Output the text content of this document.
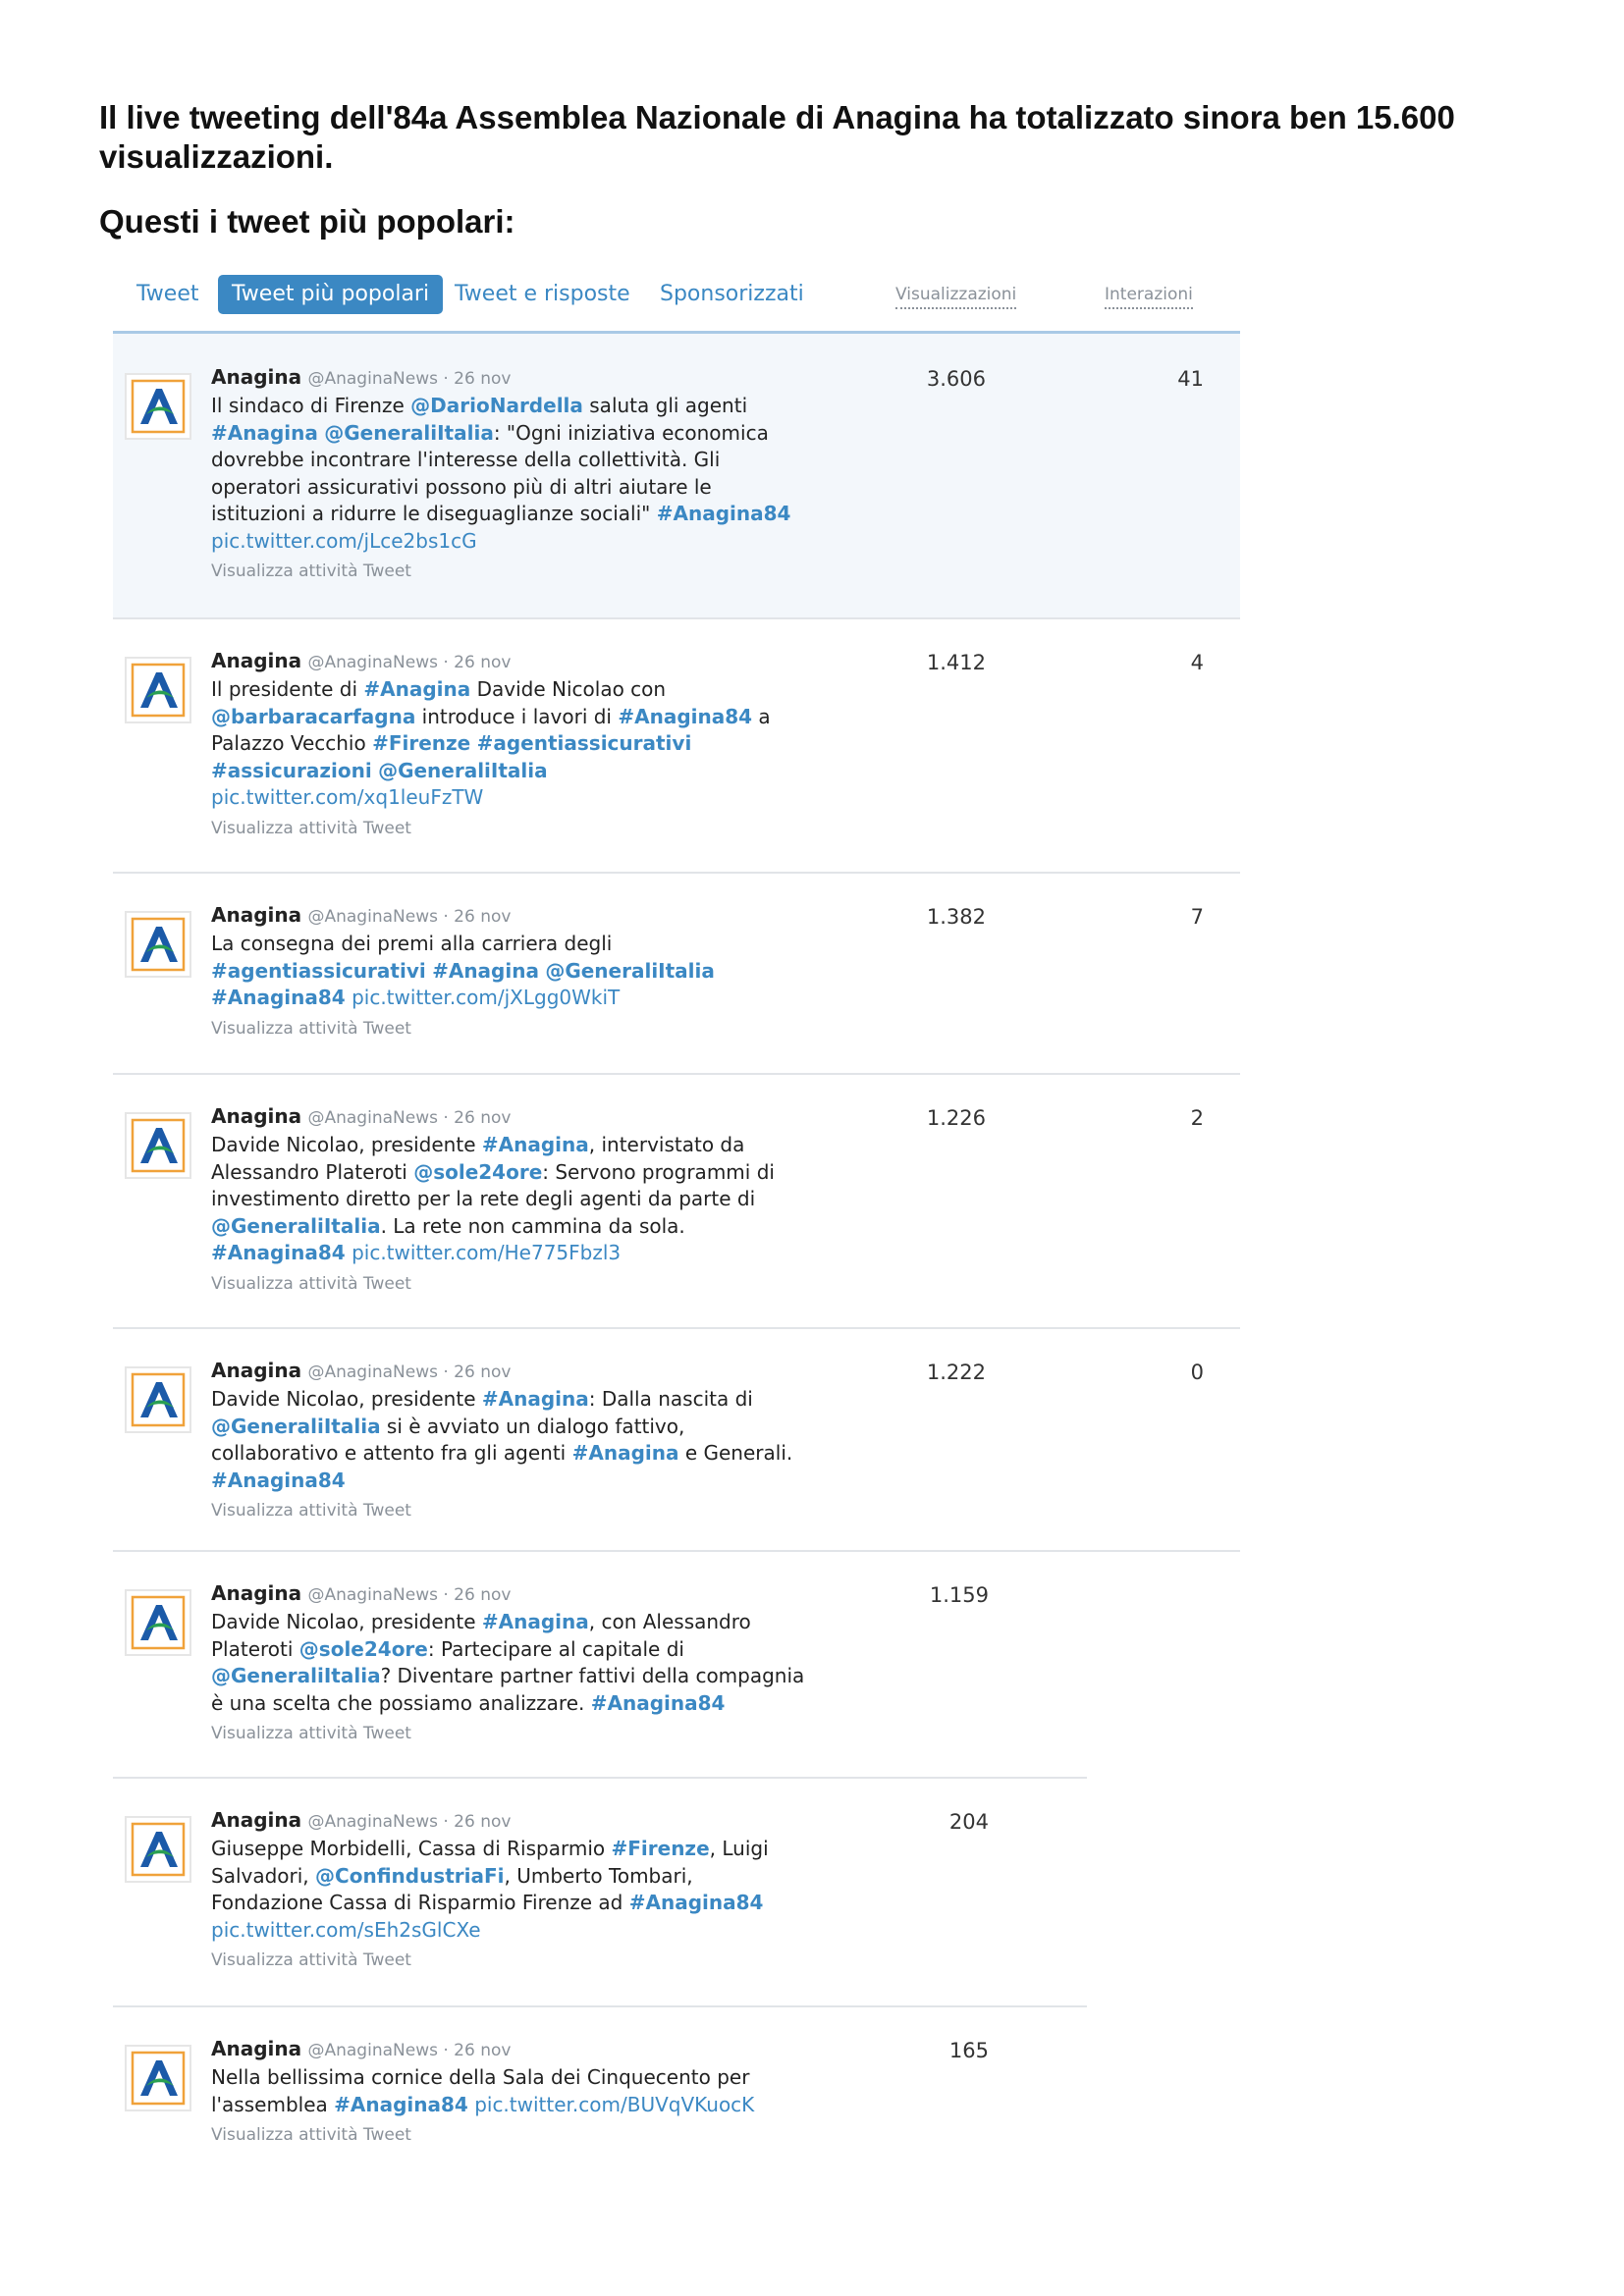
Il live tweeting dell'84a Assemblea Nazionale di Anagina ha totalizzato sinora ben 15.600
visualizzazioni.
Questi i tweet più popolari:
Tweet	Tweet più popolari	Tweet e risposte Sponsorizzati	Visualizzazioni	Interazioni
Anagina @AnaginaNews · 26 nov
Il sindaco di Firenze @DarioNardella saluta gli agenti
#Anagina @GeneraliItalia: "Ogni iniziativa economica
dovrebbe incontrare l'interesse della collettività. Gli
operatori assicurativi possono più di altri aiutare le
istituzioni a ridurre le diseguaglianze sociali" #Anagina84
pic.twitter.com/jLce2bs1cG
Visualizza attività Tweet
3.606	41
Anagina @AnaginaNews · 26 nov
Il presidente di #Anagina Davide Nicolao con
@barbaracarfagna introduce i lavori di #Anagina84 a
Palazzo Vecchio #Firenze #agentiassicurativi
#assicurazioni @GeneraliItalia
pic.twitter.com/xq1leuFzTW
Visualizza attività Tweet
1.412	4
Anagina @AnaginaNews · 26 nov
La consegna dei premi alla carriera degli
#agentiassicurativi #Anagina @GeneraliItalia
#Anagina84 pic.twitter.com/jXLgg0WkiT
Visualizza attività Tweet
1.382	7
Anagina @AnaginaNews · 26 nov
Davide Nicolao, presidente #Anagina, intervistato da
Alessandro Plateroti @sole24ore: Servono programmi di
investimento diretto per la rete degli agenti da parte di
@GeneraliItalia. La rete non cammina da sola.
#Anagina84 pic.twitter.com/He775Fbzl3
Visualizza attività Tweet
1.226	2
Anagina @AnaginaNews · 26 nov
Davide Nicolao, presidente #Anagina: Dalla nascita di
@GeneraliItalia si è avviato un dialogo fattivo,
collaborativo e attento fra gli agenti #Anagina e Generali.
#Anagina84
Visualizza attività Tweet
1.222	0
Anagina @AnaginaNews · 26 nov
Davide Nicolao, presidente #Anagina, con Alessandro
Plateroti @sole24ore: Partecipare al capitale di
@GeneraliItalia? Diventare partner fattivi della compagnia
è una scelta che possiamo analizzare. #Anagina84
Visualizza attività Tweet
1.159
Anagina @AnaginaNews · 26 nov
Giuseppe Morbidelli, Cassa di Risparmio #Firenze, Luigi
Salvadori, @ConfindustriaFi, Umberto Tombari,
Fondazione Cassa di Risparmio Firenze ad #Anagina84
pic.twitter.com/sEh2sGlCXe
Visualizza attività Tweet
204
Anagina @AnaginaNews · 26 nov
Nella bellissima cornice della Sala dei Cinquecento per
l'assemblea #Anagina84 pic.twitter.com/BUVqVKuocK
Visualizza attività Tweet
165
